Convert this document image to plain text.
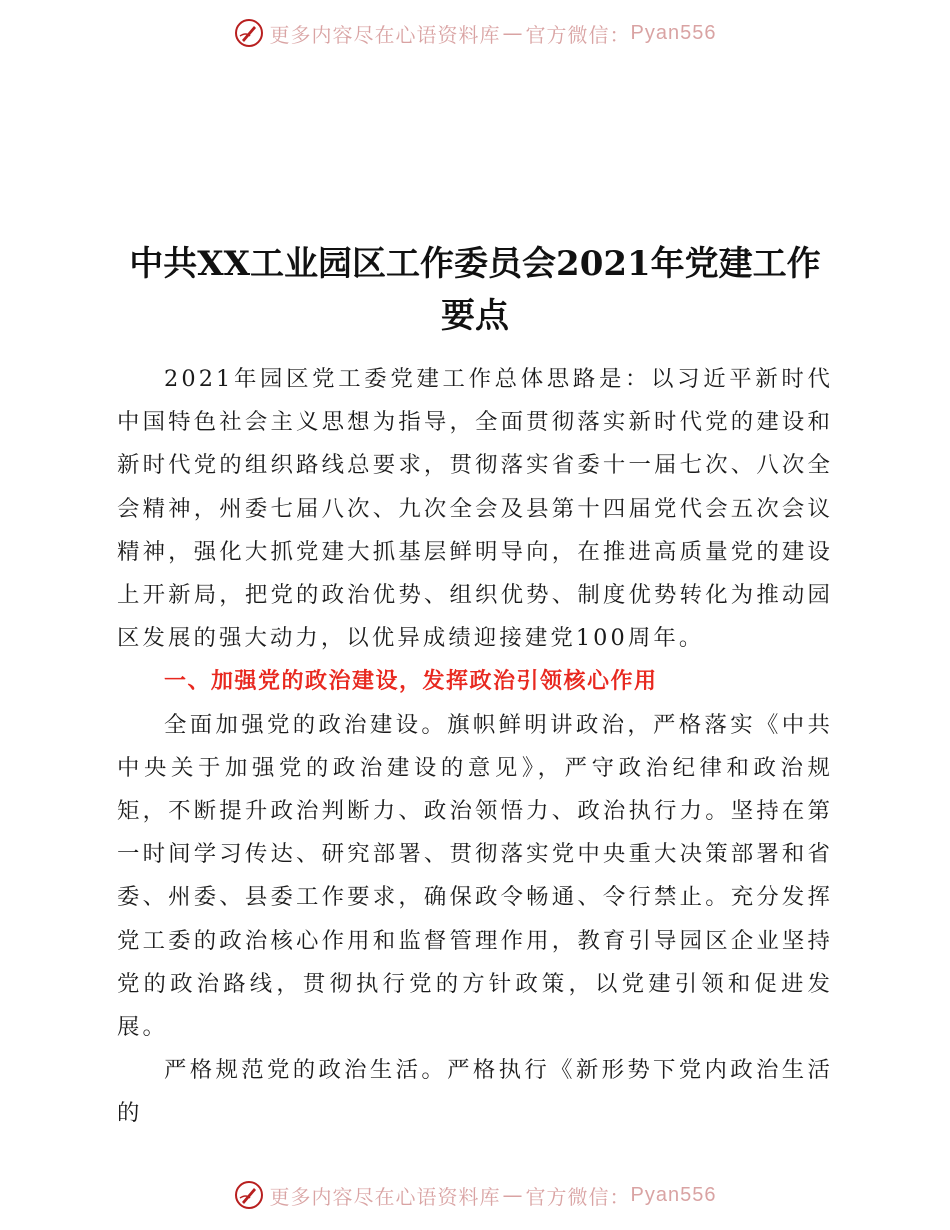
更多内容尽在心语资料库 — 官方微信： Pyan556
中共XX工业园区工作委员会2021年党建工作
要点

2021年园区党工委党建工作总体思路是：以习近平新时代中国特色社会主义思想为指导，全面贯彻落实新时代党的建设和新时代党的组织路线总要求，贯彻落实省委十一届七次、八次全会精神，州委七届八次、九次全会及县第十四届党代会五次会议精神，强化大抓党建大抓基层鲜明导向，在推进高质量党的建设上开新局，把党的政治优势、组织优势、制度优势转化为推动园区发展的强大动力，以优异成绩迎接建党100周年。

一、加强党的政治建设，发挥政治引领核心作用

全面加强党的政治建设。旗帜鲜明讲政治，严格落实《中共中央关于加强党的政治建设的意见》，严守政治纪律和政治规矩，不断提升政治判断力、政治领悟力、政治执行力。坚持在第一时间学习传达、研究部署、贯彻落实党中央重大决策部署和省委、州委、县委工作要求，确保政令畅通、令行禁止。充分发挥党工委的政治核心作用和监督管理作用，教育引导园区企业坚持党的政治路线，贯彻执行党的方针政策，以党建引领和促进发展。

严格规范党的政治生活。严格执行《新形势下党内政治生活的

更多内容尽在心语资料库 — 官方微信： Pyan556
